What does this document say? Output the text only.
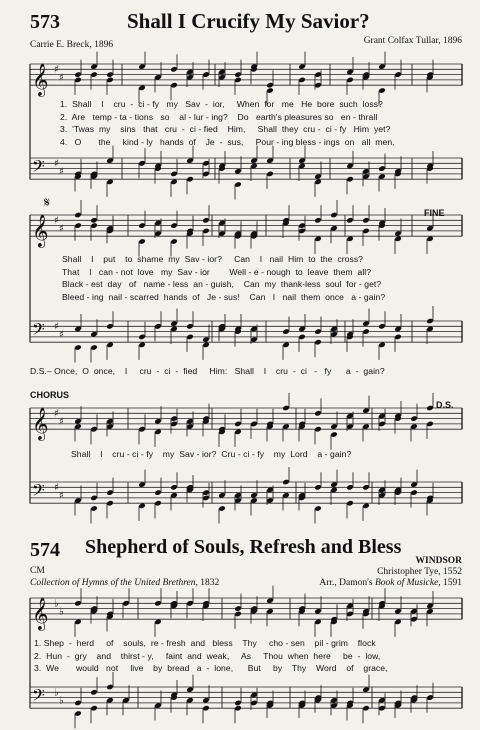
573	Shall I Crucify My Savior?
Carrie E. Breck, 1896	Grant Colfax Tullar, 1896
𝄞 ♯
♯
𝄢 ♯
♯
𝄞 ♯
♯
𝄢 ♯
♯
𝄞 ♯
♯
𝄢 ♯
♯
𝄞 ♭
♭
𝄢 ♭
♭
1.  Shall    I    cru  -  ci - fy   my   Sav  -  ior,     When  for   me   He  bore  such  loss?
2.  Are   temp - ta - tions   so    al - lur - ing?    Do   earth's pleasures so   en - thrall
3.  'Twas  my    sins   that   cru  -  ci - fied    Him,     Shall  they  cru -  ci - fy   Him  yet?
4.   O       the     kind - ly   hands  of    Je  -  sus,     Pour - ing bless - ings  on   all  men,
𝄋
FINE
Shall    I    put    to  shame  my  Sav - ior?     Can    I   nail  Him  to  the  cross?
That    I   can - not  love   my  Sav - ior        Well - e - nough  to  leave  them  all?
Black - est  day   of   name - less  an - guish,    Can  my  thank-less  soul  for - get?
Bleed - ing  nail - scarred  hands  of   Je - sus!    Can   I   nail  them  once   a - gain?
D.S.– Once,  O  once,    I     cru  -  ci  -  fied     Him:   Shall    I    cru  -  ci   -   fy      a  -  gain?
CHORUS
D.S.
Shall    I    cru - ci - fy    my  Sav - ior?  Cru - ci - fy    my  Lord    a - gain?
574 Shepherd of Souls, Refresh and Bless
CM
WINDSOR
Christopher Tye, 1552
Collection of Hymns of the United Brethren, 1832	Arr., Damon's Book of Musicke, 1591
1. Shep  -  herd     of    souls,  re - fresh  and   bless    Thy     cho - sen    pil - grim    flock
2.  Hun  -  gry    and    thirst - y,     faint  and  weak,     As     Thou  when  here     be  -  low,
3.  We       would   not     live    by  bread   a  -  lone,      But     by    Thy    Word    of    grace,
